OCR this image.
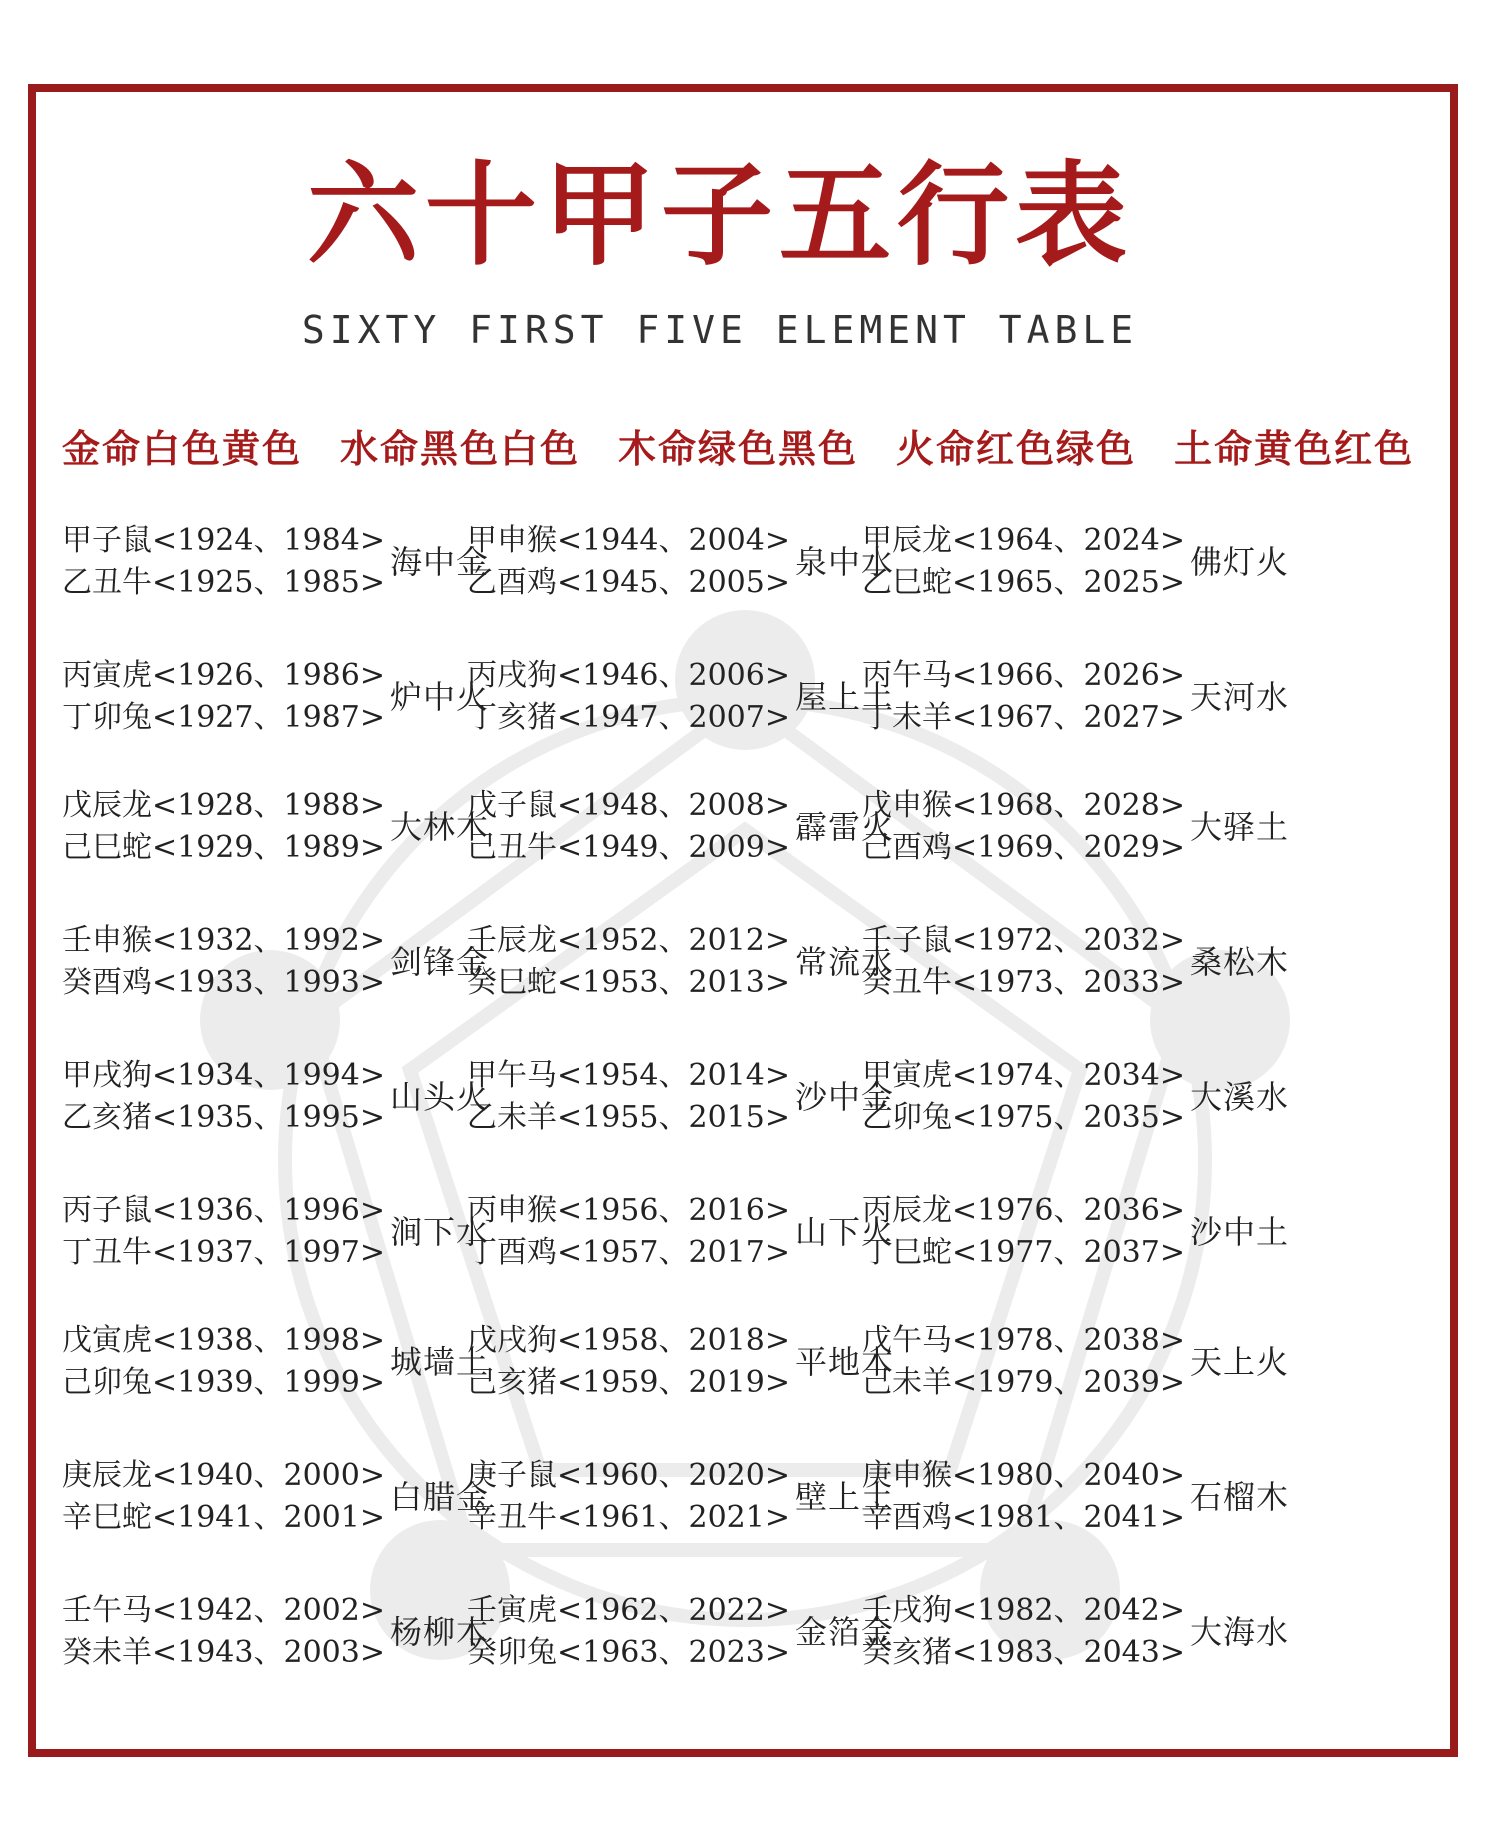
六十甲子五行表
SIXTY FIRST FIVE ELEMENT TABLE
金命白色黄色 水命黑色白色 木命绿色黑色 火命红色绿色 土命黄色红色
甲子鼠<1924、1984>
乙丑牛<1925、1985>
海中金
甲申猴<1944、2004>
乙酉鸡<1945、2005>
泉中水
甲辰龙<1964、2024>
乙巳蛇<1965、2025>
佛灯火
丙寅虎<1926、1986>
丁卯兔<1927、1987>
炉中火
丙戌狗<1946、2006>
丁亥猪<1947、2007>
屋上土
丙午马<1966、2026>
丁未羊<1967、2027>
天河水
戊辰龙<1928、1988>
己巳蛇<1929、1989>
大林木
戊子鼠<1948、2008>
己丑牛<1949、2009>
霹雷火
戊申猴<1968、2028>
己酉鸡<1969、2029>
大驿土
壬申猴<1932、1992>
癸酉鸡<1933、1993>
剑锋金
壬辰龙<1952、2012>
癸巳蛇<1953、2013>
常流水
壬子鼠<1972、2032>
癸丑牛<1973、2033>
桑松木
甲戌狗<1934、1994>
乙亥猪<1935、1995>
山头火
甲午马<1954、2014>
乙未羊<1955、2015>
沙中金
甲寅虎<1974、2034>
乙卯兔<1975、2035>
大溪水
丙子鼠<1936、1996>
丁丑牛<1937、1997>
涧下水
丙申猴<1956、2016>
丁酉鸡<1957、2017>
山下火
丙辰龙<1976、2036>
丁巳蛇<1977、2037>
沙中土
戊寅虎<1938、1998>
己卯兔<1939、1999>
城墙土
戊戌狗<1958、2018>
己亥猪<1959、2019>
平地木
戊午马<1978、2038>
己未羊<1979、2039>
天上火
庚辰龙<1940、2000>
辛巳蛇<1941、2001>
白腊金
庚子鼠<1960、2020>
辛丑牛<1961、2021>
壁上土
庚申猴<1980、2040>
辛酉鸡<1981、2041>
石榴木
壬午马<1942、2002>
癸未羊<1943、2003>
杨柳木
壬寅虎<1962、2022>
癸卯兔<1963、2023>
金箔金
壬戌狗<1982、2042>
癸亥猪<1983、2043>
大海水
